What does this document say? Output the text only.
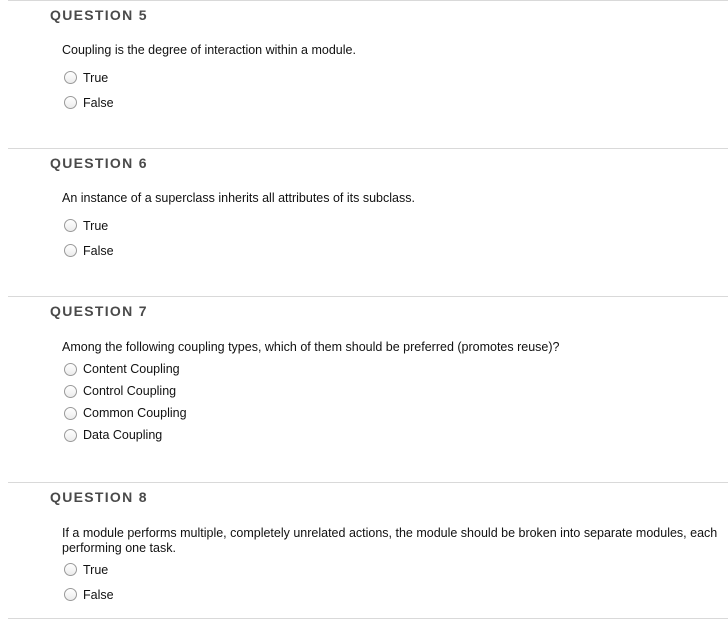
QUESTION 5
Coupling is the degree of interaction within a module.
True
False
QUESTION 6
An instance of a superclass inherits all attributes of its subclass.
True
False
QUESTION 7
Among the following coupling types, which of them should be preferred (promotes reuse)?
Content Coupling
Control Coupling
Common Coupling
Data Coupling
QUESTION 8
If a module performs multiple, completely unrelated actions, the module should be broken into separate modules, each performing one task.
True
False
